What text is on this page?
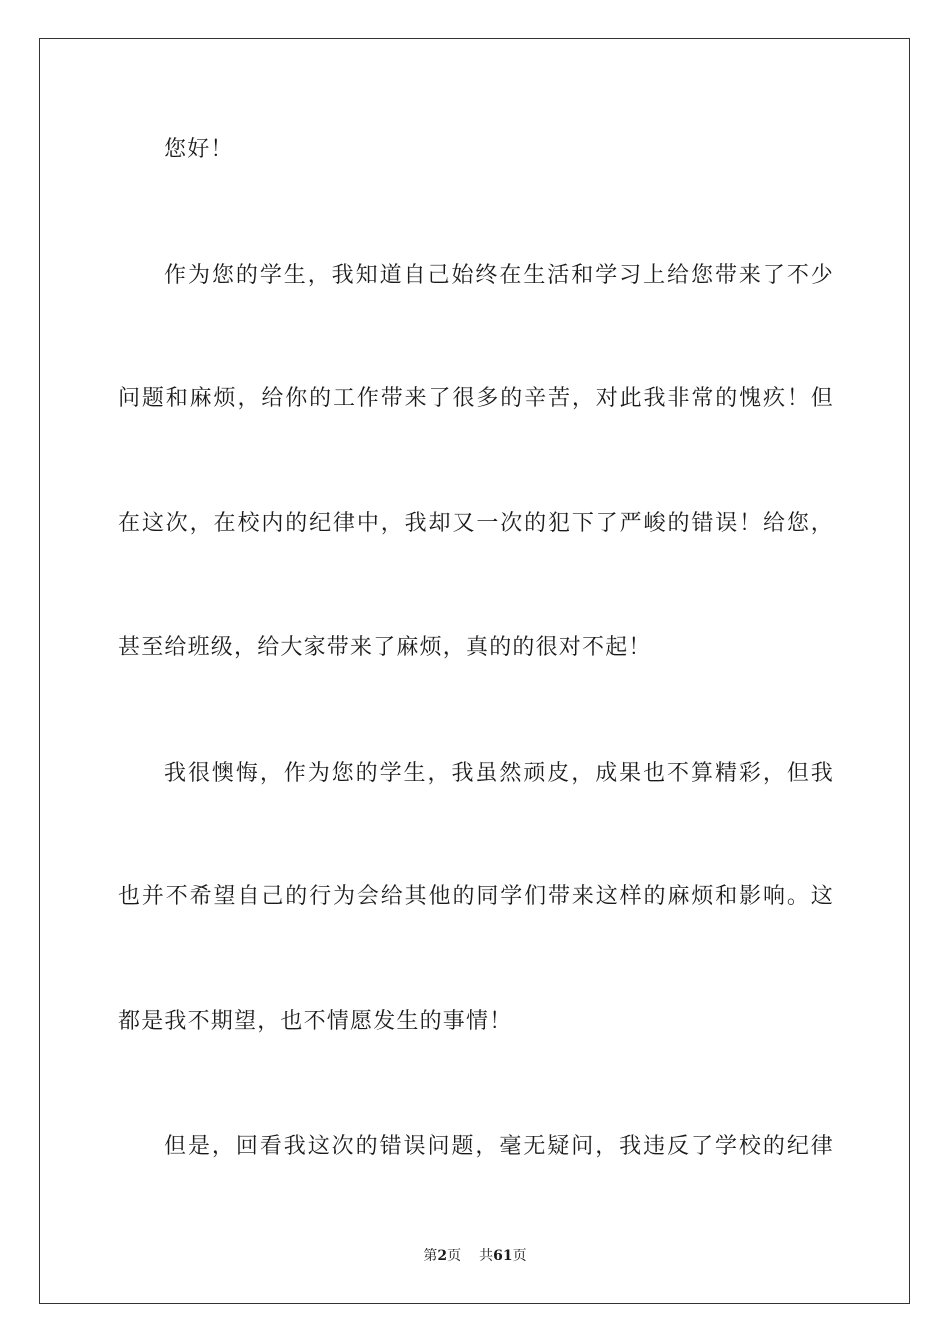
您好！
作为您的学生，我知道自己始终在生活和学习上给您带来了不少
问题和麻烦，给你的工作带来了很多的辛苦，对此我非常的愧疚！但
在这次，在校内的纪律中，我却又一次的犯下了严峻的错误！给您，
甚至给班级，给大家带来了麻烦，真的的很对不起！
我很懊悔，作为您的学生，我虽然顽皮，成果也不算精彩，但我
也并不希望自己的行为会给其他的同学们带来这样的麻烦和影响。这
都是我不期望，也不情愿发生的事情！
但是，回看我这次的错误问题，毫无疑问，我违反了学校的纪律
第2页 共61页
